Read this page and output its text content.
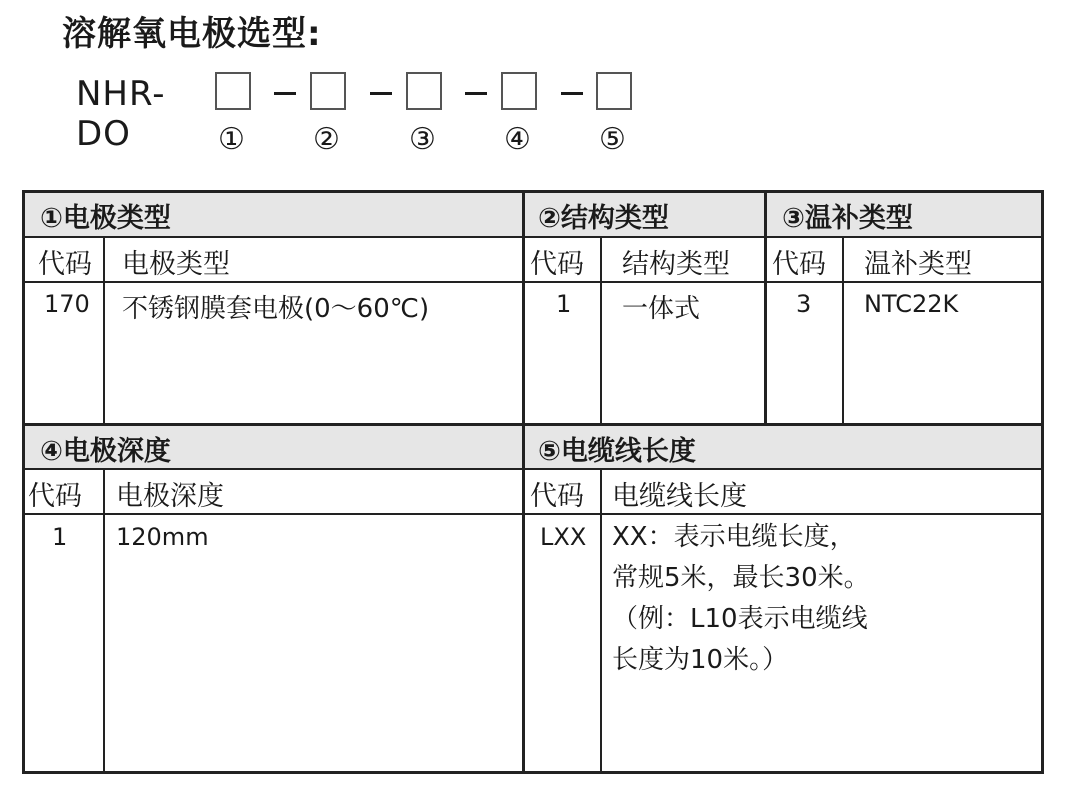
溶解氧电极选型:
NHR-DO	① ② ③ ④ ⑤
①电极类型
代码 电极类型
170 不锈钢膜套电极(0～60℃)
②结构类型
代码 结构类型
1 一体式
③温补类型
代码 温补类型
3 NTC22K
④电极深度
代码 电极深度
1 120mm
⑤电缆线长度
代码 电缆线长度
LXX XX：表示电缆长度，
常规5米，最长30米。
（例：L10表示电缆线
长度为10米。）
